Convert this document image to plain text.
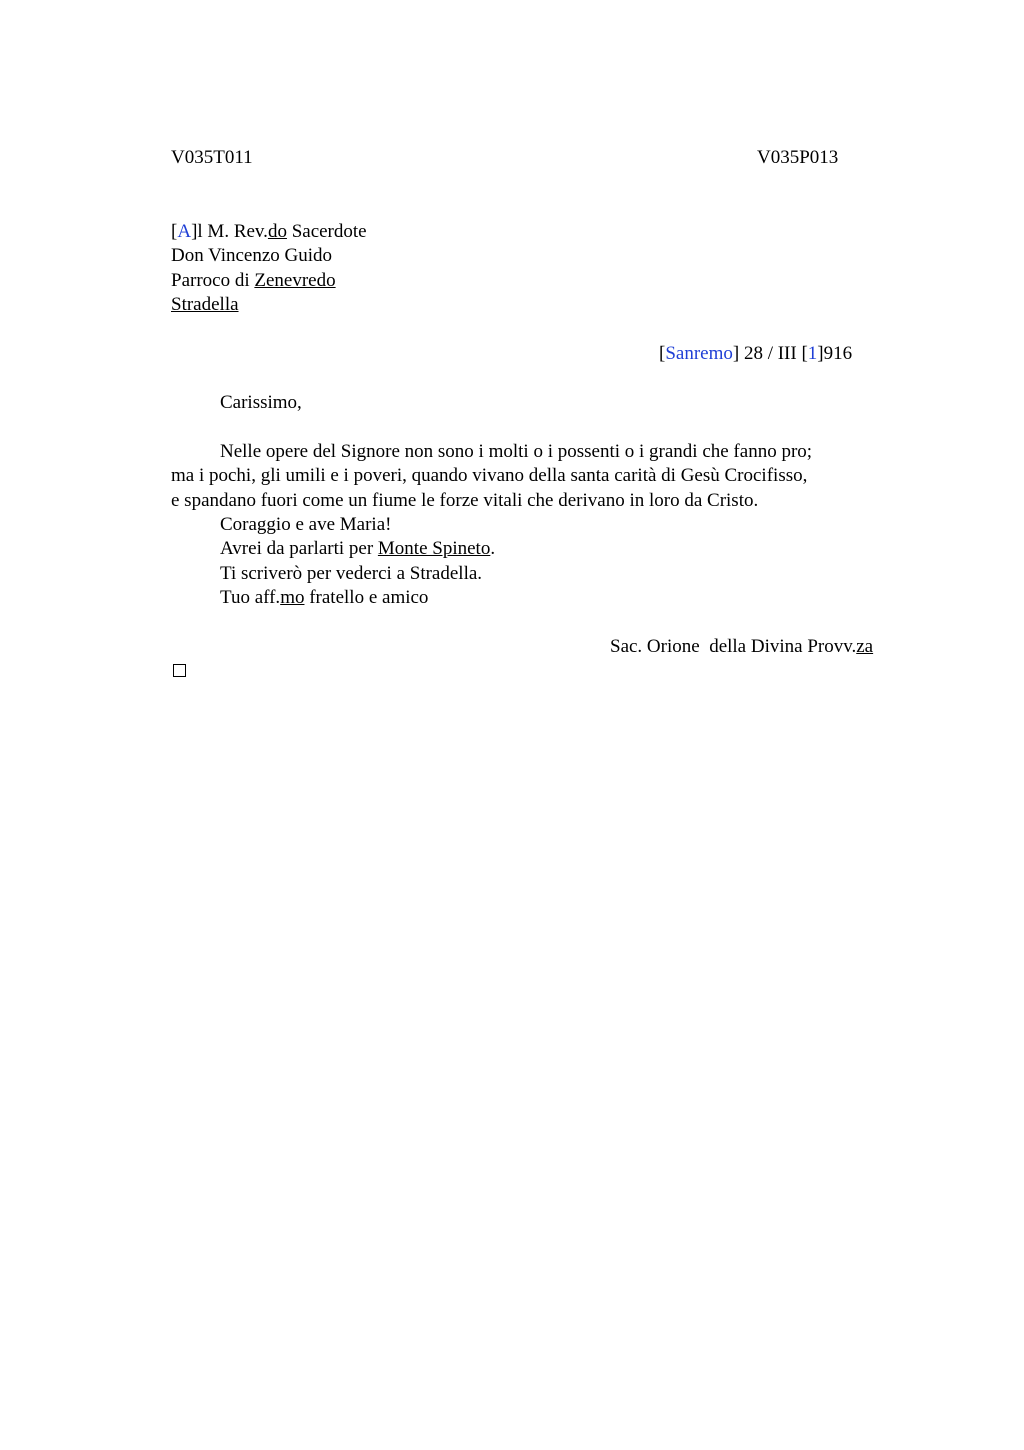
V035T011	V035P013
[A]l M. Rev.do Sacerdote
Don Vincenzo Guido
Parroco di Zenevredo
Stradella
[Sanremo] 28 / III [1]916
Carissimo,
Nelle opere del Signore non sono i molti o i possenti o i grandi che fanno pro;
ma i pochi, gli umili e i poveri, quando vivano della santa carità di Gesù Crocifisso,
e spandano fuori come un fiume le forze vitali che derivano in loro da Cristo.
Coraggio e ave Maria!
Avrei da parlarti per Monte Spineto.
Ti scriverò per vederci a Stradella.
Tuo aff.mo fratello e amico
Sac. Orione  della Divina Provv.za
